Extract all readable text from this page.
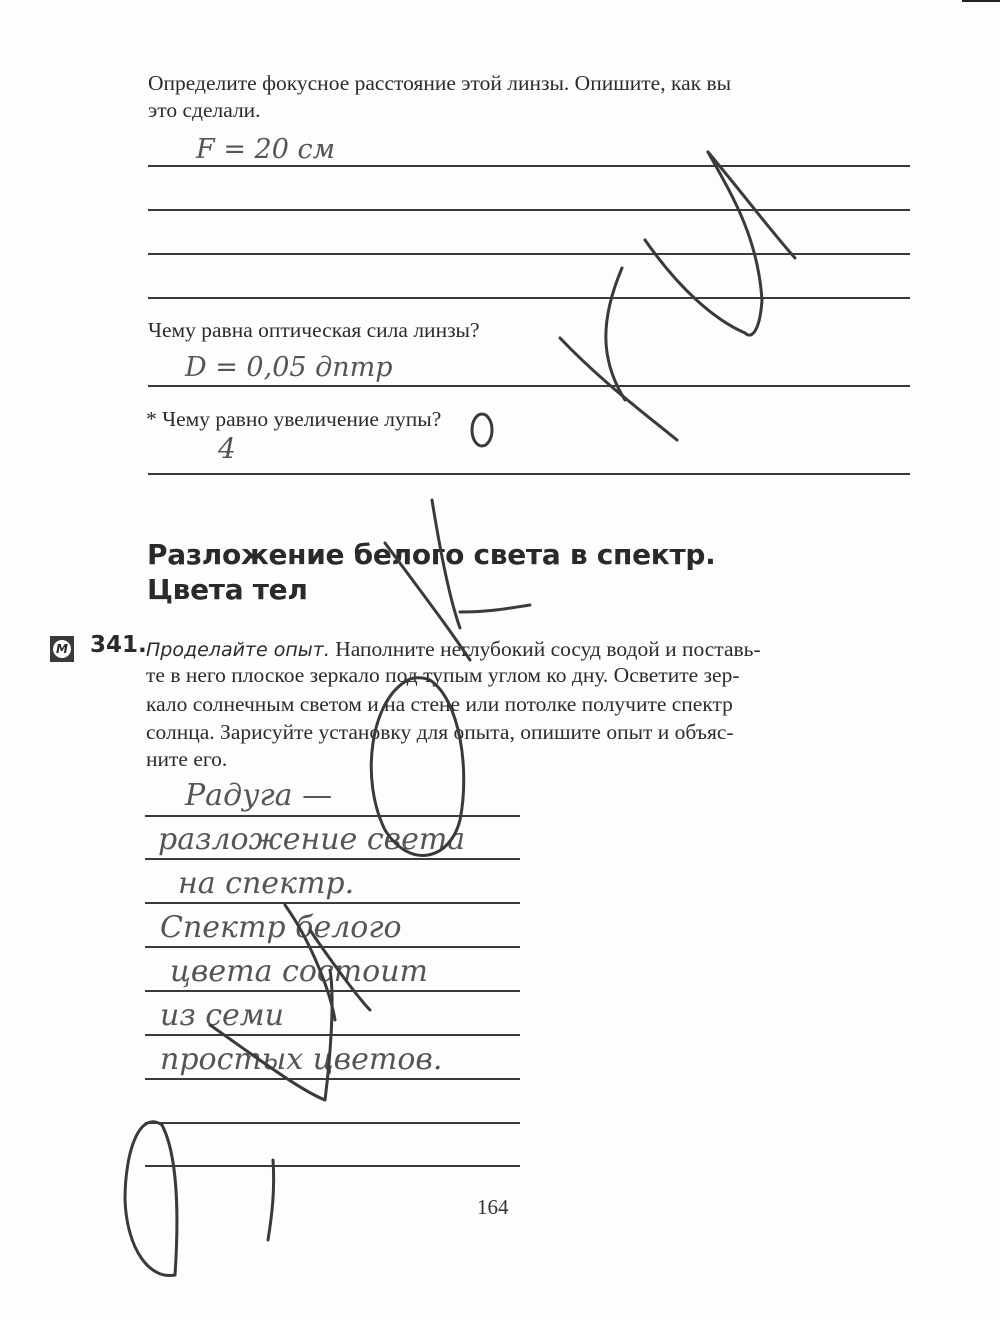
Определите фокусное расстояние этой линзы. Опишите, как вы
это сделали.
F = 20 см
Чему равна оптическая сила линзы?
D = 0,05 дптр
* Чему равно увеличение лупы?
4
Разложение белого света в спектр.
Цвета тел
М 341. Проделайте опыт. Наполните неглубокий сосуд водой и поставь-
те в него плоское зеркало под тупым углом ко дну. Осветите зер-
кало солнечным светом и на стене или потолке получите спектр
солнца. Зарисуйте установку для опыта, опишите опыт и объяс-
ните его.
Радуга —
разложение света
на спектр.
Спектр белого
цвета состоит
из семи
простых цветов.
164
